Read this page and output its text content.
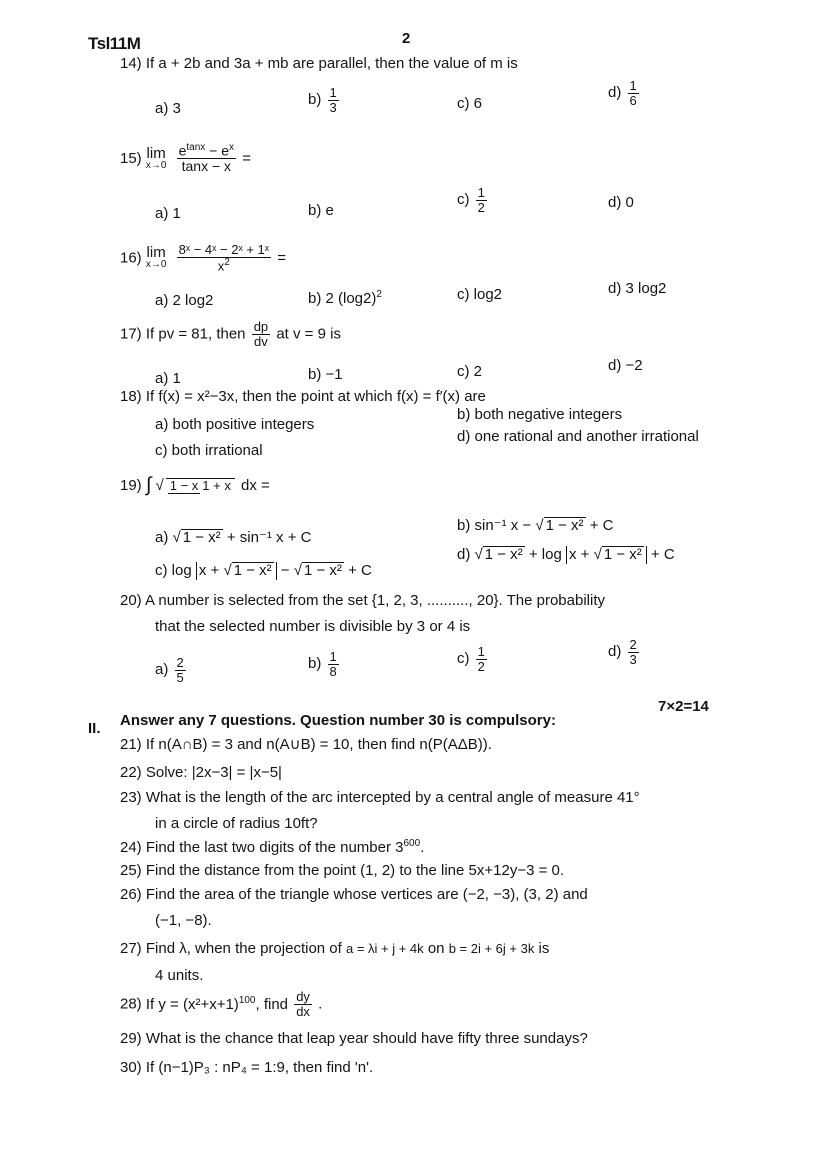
Tsl11M	2
14) If a + 2b and 3a + mb are parallel, then the value of m is
a) 3
$b) \frac{1}{3}$	c) 6
$d) \frac{1}{6}$
15) lim
x→0
$\frac{e^{tanx} - e^x}{\tan x - x}$ =
a) 1	b) e
$c) \frac{1}{2}$	d) 0
16) lim
x→0
$\frac{\text{8ˣ − 4ˣ − 2ˣ + 1ˣ}}{x^2}$ =
a) 2 log2	b) 2 $(\log 2)^2$	c) log2	d) 3 log2
17) If pv = 81, then $\frac{dp}{dv}$ at v = 9 is
a) 1	b) −1	c) 2	d) −2
18) If f(x) = x²−3x, then the point at which f(x) = f′(x) are
a) both positive integers
b) both negative integers
c) both irrational
d) one rational and another irrational
19) ∫ √ 1 − x 1 + x dx =
a) √ 1 − x² + sin⁻¹ x + C
b) sin⁻¹ x − √ 1 − x² + C
c) log x + √ 1 − x² − √ 1 − x² + C
d) √ 1 − x² + log x + √ 1 − x² + C
20) A number is selected from the set {1, 2, 3, .........., 20}. The probability
that the selected number is divisible by 3 or 4 is
$a) \frac{2}{5}$	$b) \frac{1}{8}$	$c) \frac{1}{2}$	$d) \frac{2}{3}$
II. Answer any 7 questions. Question number 30 is compulsory:
7×2=14
21) If n(A∩B) = 3 and n(A∪B) = 10, then find n(P(AΔB)).
22) Solve: |2x−3| = |x−5|
23) What is the length of the arc intercepted by a central angle of measure 41°
in a circle of radius 10ft?
24) Find the last two digits of the number $3^{600}$.
25) Find the distance from the point (1, 2) to the line 5x+12y−3 = 0.
26) Find the area of the triangle whose vertices are (−2, −3), (3, 2) and
(−1, −8).
27) Find λ, when the projection of a = λi + j + 4k on b = 2i + 6j + 3k is
4 units.
28) If $y = (x^2+x+1)^{100}$, find $\frac{dy}{dx}$ .
29) What is the chance that leap year should have fifty three sundays?
30) If (n−1)P₃ : nP₄ = 1:9, then find 'n'.
